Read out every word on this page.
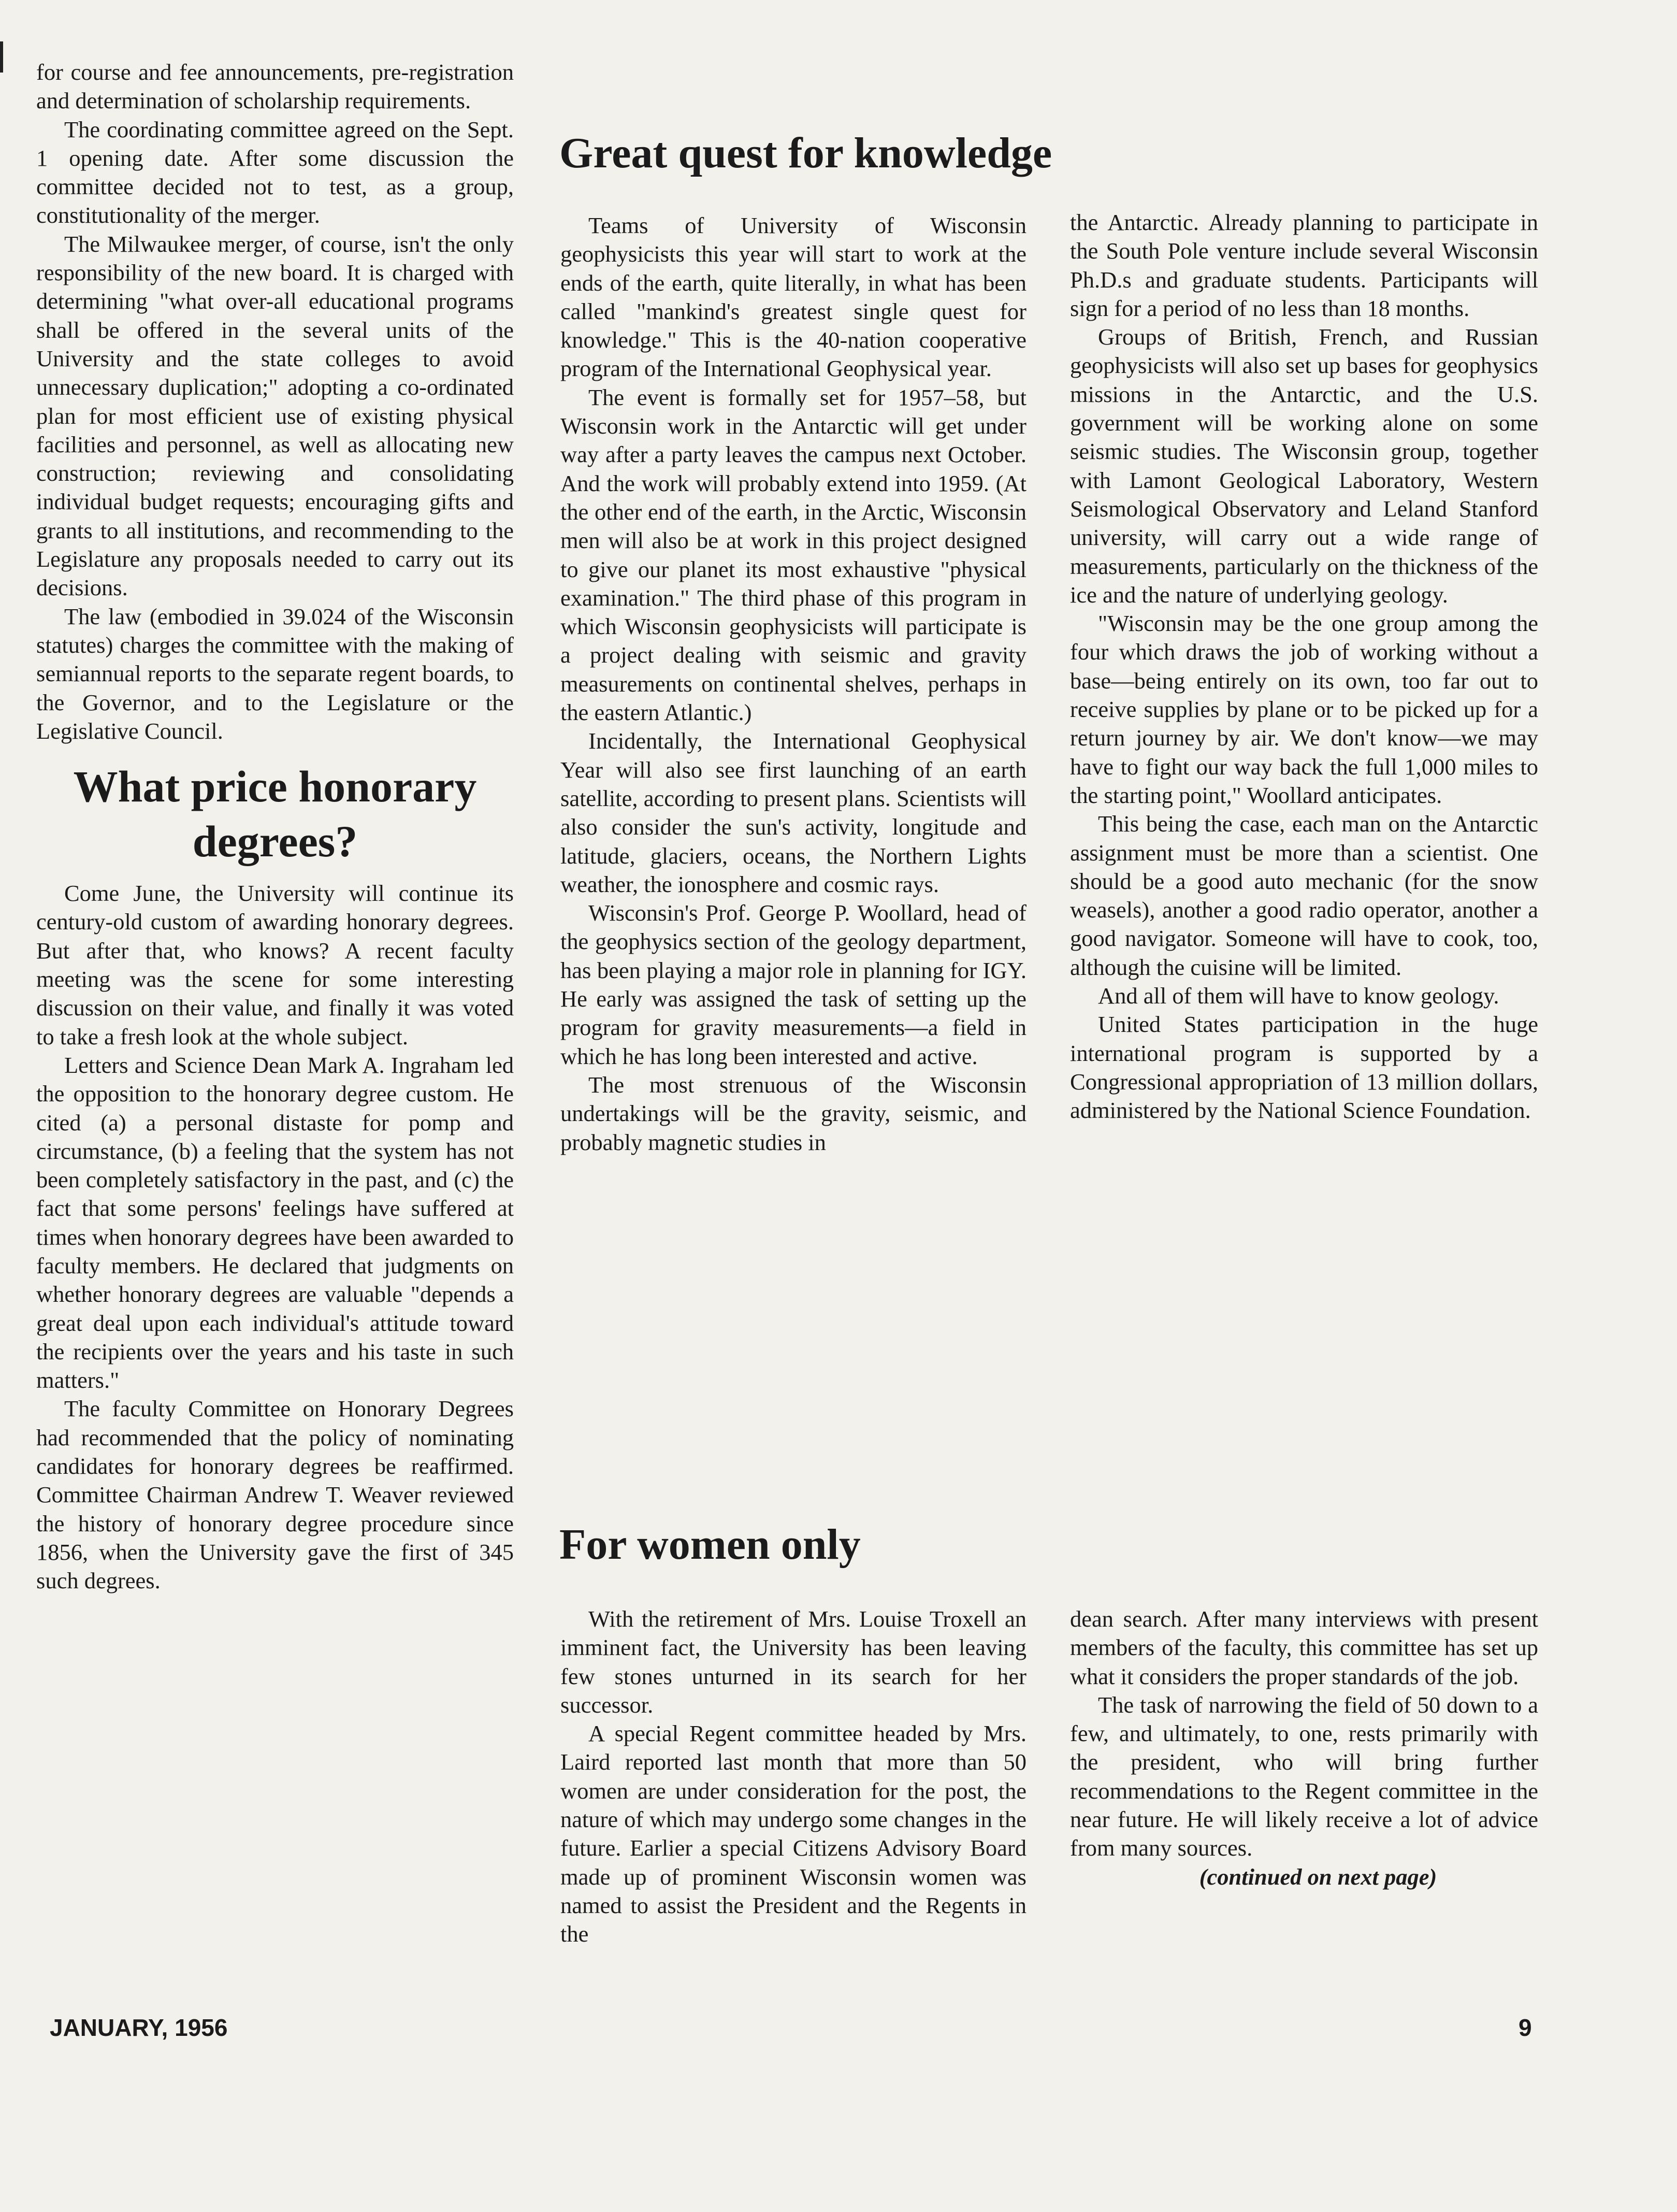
for course and fee announcements, pre-registration and determination of scholarship requirements.

The coordinating committee agreed on the Sept. 1 opening date. After some discussion the committee decided not to test, as a group, constitutionality of the merger.

The Milwaukee merger, of course, isn't the only responsibility of the new board. It is charged with determining "what over-all educational programs shall be offered in the several units of the University and the state colleges to avoid unnecessary duplication;" adopting a co-ordinated plan for most efficient use of existing physical facilities and personnel, as well as allocating new construction; reviewing and consolidating individual budget requests; encouraging gifts and grants to all institutions, and recommending to the Legislature any proposals needed to carry out its decisions.

The law (embodied in 39.024 of the Wisconsin statutes) charges the committee with the making of semiannual reports to the separate regent boards, to the Governor, and to the Legislature or the Legislative Council.

What price honorary degrees?

Come June, the University will continue its century-old custom of awarding honorary degrees. But after that, who knows? A recent faculty meeting was the scene for some interesting discussion on their value, and finally it was voted to take a fresh look at the whole subject.

Letters and Science Dean Mark A. Ingraham led the opposition to the honorary degree custom. He cited (a) a personal distaste for pomp and circumstance, (b) a feeling that the system has not been completely satisfactory in the past, and (c) the fact that some persons' feelings have suffered at times when honorary degrees have been awarded to faculty members. He declared that judgments on whether honorary degrees are valuable "depends a great deal upon each individual's attitude toward the recipients over the years and his taste in such matters."

The faculty Committee on Honorary Degrees had recommended that the policy of nominating candidates for honorary degrees be reaffirmed. Committee Chairman Andrew T. Weaver reviewed the history of honorary degree procedure since 1856, when the University gave the first of 345 such degrees.

Great quest for knowledge

Teams of University of Wisconsin geophysicists this year will start to work at the ends of the earth, quite literally, in what has been called "mankind's greatest single quest for knowledge." This is the 40-nation cooperative program of the International Geophysical year.

The event is formally set for 1957–58, but Wisconsin work in the Antarctic will get under way after a party leaves the campus next October. And the work will probably extend into 1959. (At the other end of the earth, in the Arctic, Wisconsin men will also be at work in this project designed to give our planet its most exhaustive "physical examination." The third phase of this program in which Wisconsin geophysicists will participate is a project dealing with seismic and gravity measurements on continental shelves, perhaps in the eastern Atlantic.)

Incidentally, the International Geophysical Year will also see first launching of an earth satellite, according to present plans. Scientists will also consider the sun's activity, longitude and latitude, glaciers, oceans, the Northern Lights weather, the ionosphere and cosmic rays.

Wisconsin's Prof. George P. Woollard, head of the geophysics section of the geology department, has been playing a major role in planning for IGY. He early was assigned the task of setting up the program for gravity measurements—a field in which he has long been interested and active.

The most strenuous of the Wisconsin undertakings will be the gravity, seismic, and probably magnetic studies in

the Antarctic. Already planning to participate in the South Pole venture include several Wisconsin Ph.D.s and graduate students. Participants will sign for a period of no less than 18 months.

Groups of British, French, and Russian geophysicists will also set up bases for geophysics missions in the Antarctic, and the U.S. government will be working alone on some seismic studies. The Wisconsin group, together with Lamont Geological Laboratory, Western Seismological Observatory and Leland Stanford university, will carry out a wide range of measurements, particularly on the thickness of the ice and the nature of underlying geology.

"Wisconsin may be the one group among the four which draws the job of working without a base—being entirely on its own, too far out to receive supplies by plane or to be picked up for a return journey by air. We don't know—we may have to fight our way back the full 1,000 miles to the starting point," Woollard anticipates.

This being the case, each man on the Antarctic assignment must be more than a scientist. One should be a good auto mechanic (for the snow weasels), another a good radio operator, another a good navigator. Someone will have to cook, too, although the cuisine will be limited.

And all of them will have to know geology.

United States participation in the huge international program is supported by a Congressional appropriation of 13 million dollars, administered by the National Science Foundation.

For women only

With the retirement of Mrs. Louise Troxell an imminent fact, the University has been leaving few stones unturned in its search for her successor.

A special Regent committee headed by Mrs. Laird reported last month that more than 50 women are under consideration for the post, the nature of which may undergo some changes in the future. Earlier a special Citizens Advisory Board made up of prominent Wisconsin women was named to assist the President and the Regents in the

dean search. After many interviews with present members of the faculty, this committee has set up what it considers the proper standards of the job.

The task of narrowing the field of 50 down to a few, and ultimately, to one, rests primarily with the president, who will bring further recommendations to the Regent committee in the near future. He will likely receive a lot of advice from many sources.

(continued on next page)

JANUARY, 1956	9
